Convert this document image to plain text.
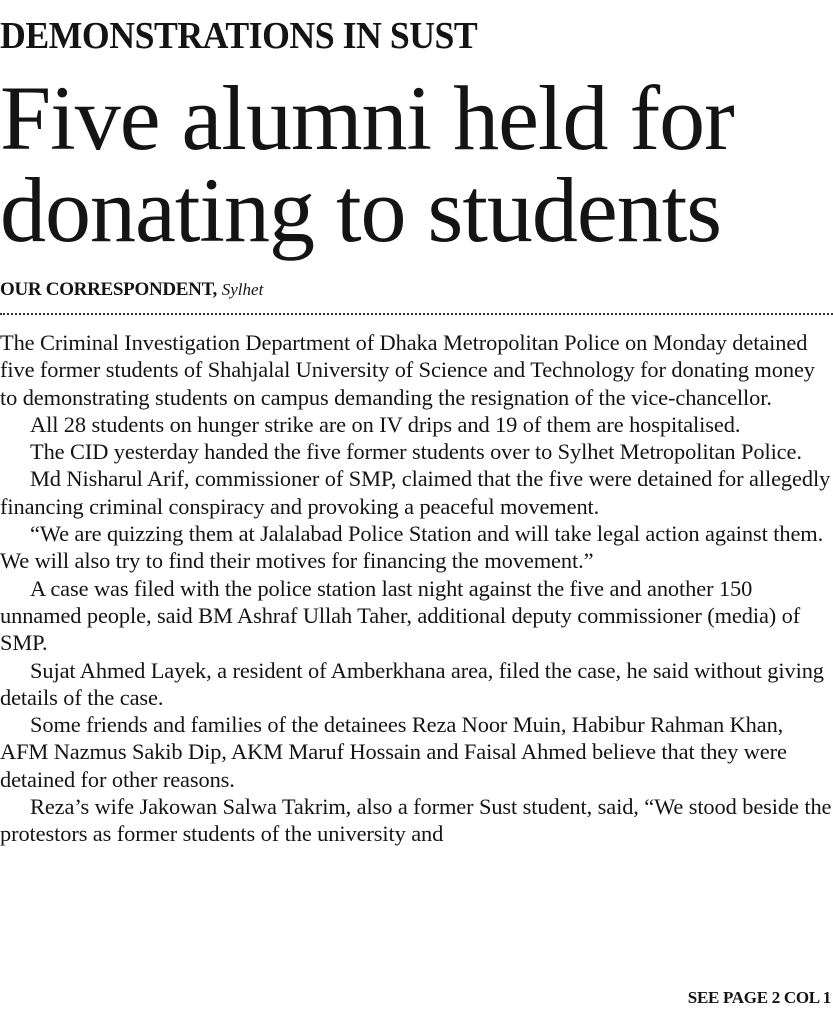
DEMONSTRATIONS IN SUST
Five alumni held for
donating to students
OUR CORRESPONDENT, Sylhet

The Criminal Investigation Department of Dhaka Metropolitan Police on Monday detained five former students of Shahjalal University of Science and Technology for donating money to demonstrating students on campus demanding the resignation of the vice-chancellor.

All 28 students on hunger strike are on IV drips and 19 of them are hospitalised.

The CID yesterday handed the five former students over to Sylhet Metropolitan Police.

Md Nisharul Arif, commissioner of SMP, claimed that the five were detained for allegedly financing criminal conspiracy and provoking a peaceful movement.

“We are quizzing them at Jalalabad Police Station and will take legal action against them. We will also try to find their motives for financing the movement.”

A case was filed with the police station last night against the five and another 150 unnamed people, said BM Ashraf Ullah Taher, additional deputy commissioner (media) of SMP.

Sujat Ahmed Layek, a resident of Amberkhana area, filed the case, he said without giving details of the case.

Some friends and families of the detainees Reza Noor Muin, Habibur Rahman Khan, AFM Nazmus Sakib Dip, AKM Maruf Hossain and Faisal Ahmed believe that they were detained for other reasons.

Reza’s wife Jakowan Salwa Takrim, also a former Sust student, said, “We stood beside the protestors as former students of the university and

SEE PAGE 2 COL 1
